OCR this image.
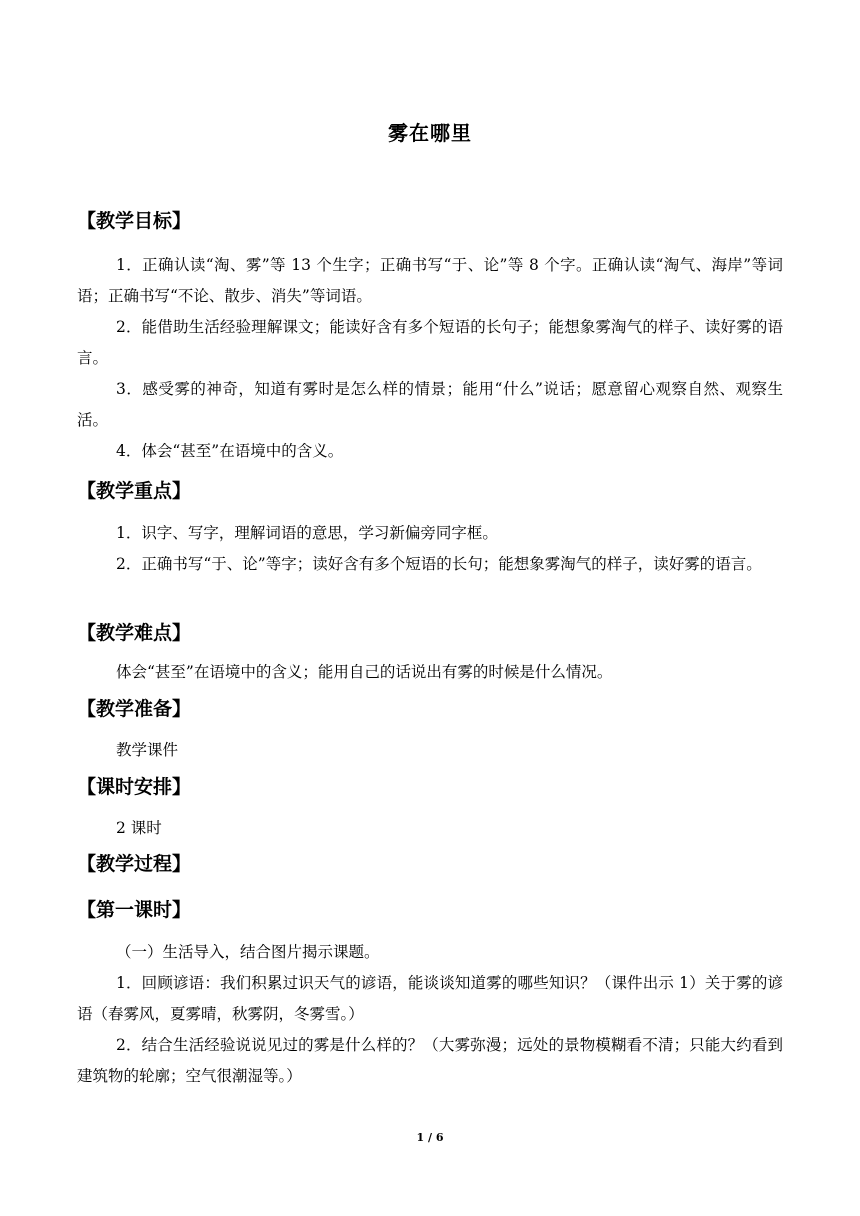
雾在哪里
【教学目标】

1．正确认读“淘、雾”等 13 个生字；正确书写“于、论”等 8 个字。正确认读“淘气、海岸”等词语；正确书写“不论、散步、消失”等词语。

2．能借助生活经验理解课文；能读好含有多个短语的长句子；能想象雾淘气的样子、读好雾的语言。

3．感受雾的神奇，知道有雾时是怎么样的情景；能用“什么”说话；愿意留心观察自然、观察生活。

4．体会“甚至”在语境中的含义。

【教学重点】

1．识字、写字，理解词语的意思，学习新偏旁同字框。

2．正确书写“于、论”等字；读好含有多个短语的长句；能想象雾淘气的样子，读好雾的语言。

【教学难点】
体会“甚至”在语境中的含义；能用自己的话说出有雾的时候是什么情况。
【教学准备】
教学课件
【课时安排】
2 课时
【教学过程】
【第一课时】
（一）生活导入，结合图片揭示课题。

1．回顾谚语：我们积累过识天气的谚语，能谈谈知道雾的哪些知识？（课件出示 1）关于雾的谚语（春雾风，夏雾晴，秋雾阴，冬雾雪。）

2．结合生活经验说说见过的雾是什么样的？（大雾弥漫；远处的景物模糊看不清；只能大约看到建筑物的轮廓；空气很潮湿等。）

1 / 6
